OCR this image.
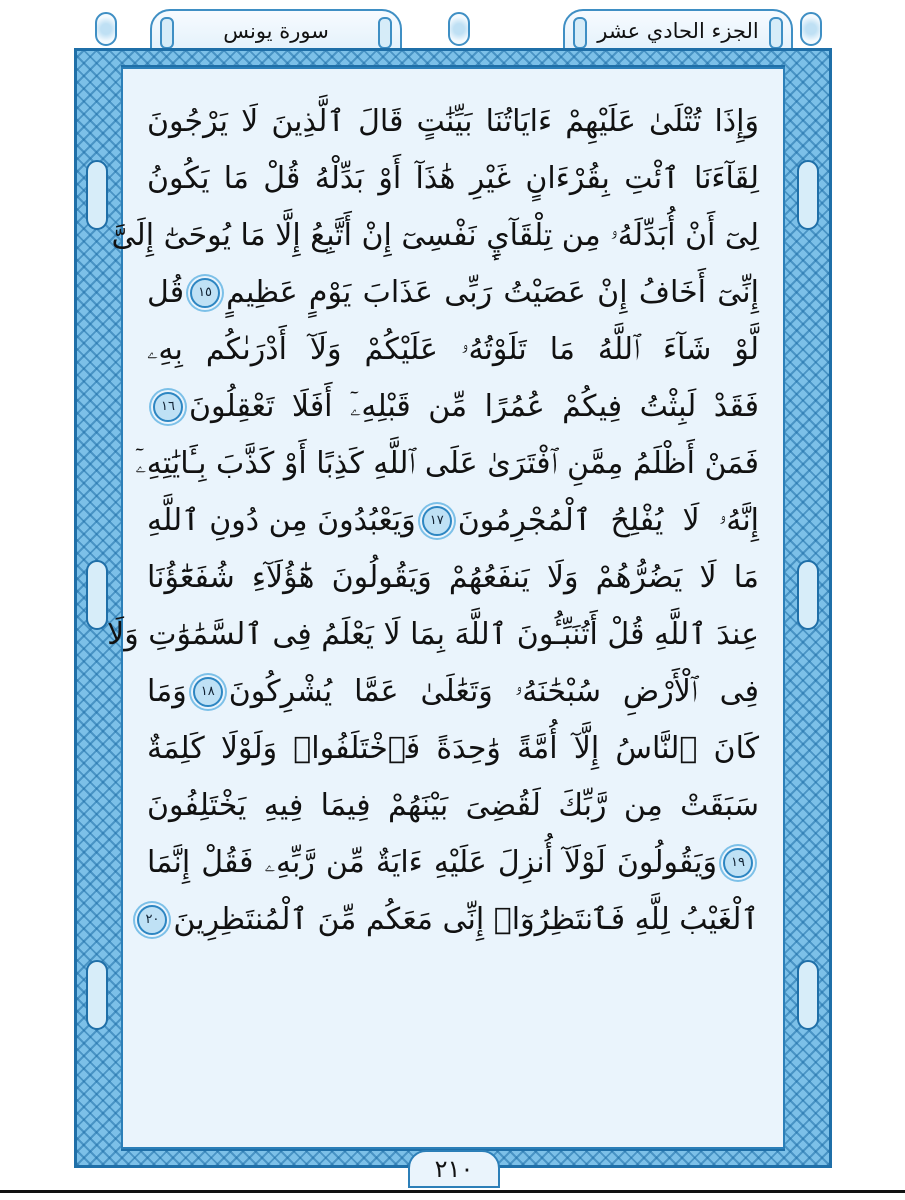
سورة يونس	الجزء الحادي عشر
وَإِذَا تُتْلَىٰ عَلَيْهِمْ ءَايَاتُنَا بَيِّنَٰتٍ قَالَ ٱلَّذِينَ لَا يَرْجُونَ
لِقَآءَنَا ٱئْتِ بِقُرْءَانٍ غَيْرِ هَٰذَآ أَوْ بَدِّلْهُ قُلْ مَا يَكُونُ
لِىٓ أَنْ أُبَدِّلَهُۥ مِن تِلْقَآيِٕ نَفْسِىٓ إِنْ أَتَّبِعُ إِلَّا مَا يُوحَىٰٓ إِلَىَّ
إِنِّىٓ أَخَافُ إِنْ عَصَيْتُ رَبِّى عَذَابَ يَوْمٍ عَظِيمٍ
١٥
قُل
لَّوْ شَآءَ ٱللَّهُ مَا تَلَوْتُهُۥ عَلَيْكُمْ وَلَآ أَدْرَىٰكُم بِهِۦ
فَقَدْ لَبِثْتُ فِيكُمْ عُمُرًا مِّن قَبْلِهِۦٓ أَفَلَا تَعْقِلُونَ
١٦
فَمَنْ أَظْلَمُ مِمَّنِ ٱفْتَرَىٰ عَلَى ٱللَّهِ كَذِبًا أَوْ كَذَّبَ بِـَٔايَٰتِهِۦٓ
إِنَّهُۥ لَا يُفْلِحُ ٱلْمُجْرِمُونَ
١٧
وَيَعْبُدُونَ مِن دُونِ ٱللَّهِ
مَا لَا يَضُرُّهُمْ وَلَا يَنفَعُهُمْ وَيَقُولُونَ هَٰٓؤُلَآءِ شُفَعَٰٓؤُنَا
عِندَ ٱللَّهِ قُلْ أَتُنَبِّـُٔونَ ٱللَّهَ بِمَا لَا يَعْلَمُ فِى ٱلسَّمَٰوَٰتِ وَلَا
فِى ٱلْأَرْضِ سُبْحَٰنَهُۥ وَتَعَٰلَىٰ عَمَّا يُشْرِكُونَ
١٨
وَمَا
كَانَ ٱلنَّاسُ إِلَّآ أُمَّةً وَٰحِدَةً فَٱخْتَلَفُوا۟ وَلَوْلَا كَلِمَةٌ
سَبَقَتْ مِن رَّبِّكَ لَقُضِىَ بَيْنَهُمْ فِيمَا فِيهِ يَخْتَلِفُونَ
١٩
وَيَقُولُونَ لَوْلَآ أُنزِلَ عَلَيْهِ ءَايَةٌ مِّن رَّبِّهِۦ فَقُلْ إِنَّمَا
ٱلْغَيْبُ لِلَّهِ فَٱنتَظِرُوٓا۟ إِنِّى مَعَكُم مِّنَ ٱلْمُنتَظِرِينَ
٢٠
٢١٠
